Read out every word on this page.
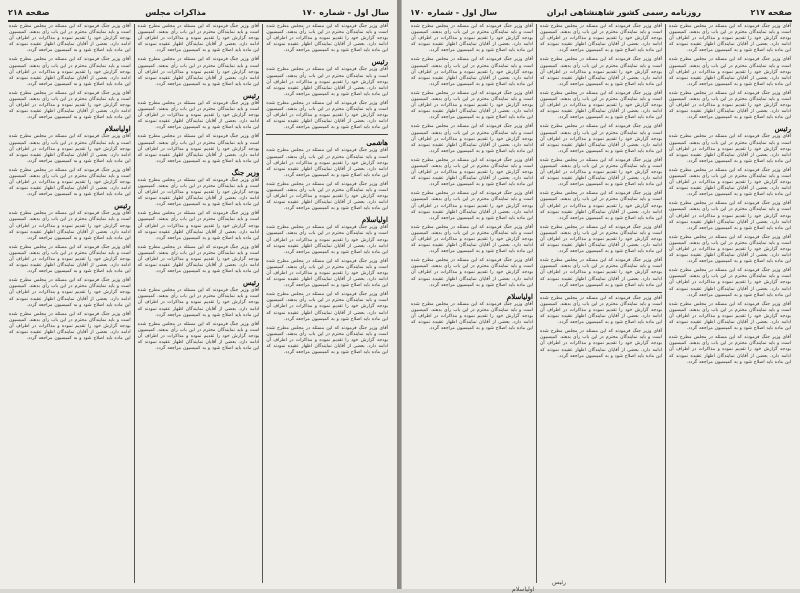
سال اول - شماره ۱۷۰
مذاکرات مجلس
صفحه ۲۱۸

آقای وزیر جنگ فرمودند که این مسئله در مجلس مطرح شده است و باید نمایندگان محترم در این باب رأی بدهند. کمیسیون بودجه گزارش خود را تقدیم نموده و مذاکرات در اطراف آن ادامه دارد. بعضی از آقایان نمایندگان اظهار عقیده نمودند که این ماده باید اصلاح شود و به کمیسیون مراجعه گردد.

رئیس

آقای وزیر جنگ فرمودند که این مسئله در مجلس مطرح شده است و باید نمایندگان محترم در این باب رأی بدهند. کمیسیون بودجه گزارش خود را تقدیم نموده و مذاکرات در اطراف آن ادامه دارد. بعضی از آقایان نمایندگان اظهار عقیده نمودند که این ماده باید اصلاح شود و به کمیسیون مراجعه گردد.

آقای وزیر جنگ فرمودند که این مسئله در مجلس مطرح شده است و باید نمایندگان محترم در این باب رأی بدهند. کمیسیون بودجه گزارش خود را تقدیم نموده و مذاکرات در اطراف آن ادامه دارد. بعضی از آقایان نمایندگان اظهار عقیده نمودند که این ماده باید اصلاح شود و به کمیسیون مراجعه گردد.

هاشمی

آقای وزیر جنگ فرمودند که این مسئله در مجلس مطرح شده است و باید نمایندگان محترم در این باب رأی بدهند. کمیسیون بودجه گزارش خود را تقدیم نموده و مذاکرات در اطراف آن ادامه دارد. بعضی از آقایان نمایندگان اظهار عقیده نمودند که این ماده باید اصلاح شود و به کمیسیون مراجعه گردد.

آقای وزیر جنگ فرمودند که این مسئله در مجلس مطرح شده است و باید نمایندگان محترم در این باب رأی بدهند. کمیسیون بودجه گزارش خود را تقدیم نموده و مذاکرات در اطراف آن ادامه دارد. بعضی از آقایان نمایندگان اظهار عقیده نمودند که این ماده باید اصلاح شود و به کمیسیون مراجعه گردد.

اولیاسلام

آقای وزیر جنگ فرمودند که این مسئله در مجلس مطرح شده است و باید نمایندگان محترم در این باب رأی بدهند. کمیسیون بودجه گزارش خود را تقدیم نموده و مذاکرات در اطراف آن ادامه دارد. بعضی از آقایان نمایندگان اظهار عقیده نمودند که این ماده باید اصلاح شود و به کمیسیون مراجعه گردد.

آقای وزیر جنگ فرمودند که این مسئله در مجلس مطرح شده است و باید نمایندگان محترم در این باب رأی بدهند. کمیسیون بودجه گزارش خود را تقدیم نموده و مذاکرات در اطراف آن ادامه دارد. بعضی از آقایان نمایندگان اظهار عقیده نمودند که این ماده باید اصلاح شود و به کمیسیون مراجعه گردد.

آقای وزیر جنگ فرمودند که این مسئله در مجلس مطرح شده است و باید نمایندگان محترم در این باب رأی بدهند. کمیسیون بودجه گزارش خود را تقدیم نموده و مذاکرات در اطراف آن ادامه دارد. بعضی از آقایان نمایندگان اظهار عقیده نمودند که این ماده باید اصلاح شود و به کمیسیون مراجعه گردد.

آقای وزیر جنگ فرمودند که این مسئله در مجلس مطرح شده است و باید نمایندگان محترم در این باب رأی بدهند. کمیسیون بودجه گزارش خود را تقدیم نموده و مذاکرات در اطراف آن ادامه دارد. بعضی از آقایان نمایندگان اظهار عقیده نمودند که این ماده باید اصلاح شود و به کمیسیون مراجعه گردد.

آقای وزیر جنگ فرمودند که این مسئله در مجلس مطرح شده است و باید نمایندگان محترم در این باب رأی بدهند. کمیسیون بودجه گزارش خود را تقدیم نموده و مذاکرات در اطراف آن ادامه دارد. بعضی از آقایان نمایندگان اظهار عقیده نمودند که این ماده باید اصلاح شود و به کمیسیون مراجعه گردد.

آقای وزیر جنگ فرمودند که این مسئله در مجلس مطرح شده است و باید نمایندگان محترم در این باب رأی بدهند. کمیسیون بودجه گزارش خود را تقدیم نموده و مذاکرات در اطراف آن ادامه دارد. بعضی از آقایان نمایندگان اظهار عقیده نمودند که این ماده باید اصلاح شود و به کمیسیون مراجعه گردد.

رئیس

آقای وزیر جنگ فرمودند که این مسئله در مجلس مطرح شده است و باید نمایندگان محترم در این باب رأی بدهند. کمیسیون بودجه گزارش خود را تقدیم نموده و مذاکرات در اطراف آن ادامه دارد. بعضی از آقایان نمایندگان اظهار عقیده نمودند که این ماده باید اصلاح شود و به کمیسیون مراجعه گردد.

آقای وزیر جنگ فرمودند که این مسئله در مجلس مطرح شده است و باید نمایندگان محترم در این باب رأی بدهند. کمیسیون بودجه گزارش خود را تقدیم نموده و مذاکرات در اطراف آن ادامه دارد. بعضی از آقایان نمایندگان اظهار عقیده نمودند که این ماده باید اصلاح شود و به کمیسیون مراجعه گردد.

وزیر جنگ

آقای وزیر جنگ فرمودند که این مسئله در مجلس مطرح شده است و باید نمایندگان محترم در این باب رأی بدهند. کمیسیون بودجه گزارش خود را تقدیم نموده و مذاکرات در اطراف آن ادامه دارد. بعضی از آقایان نمایندگان اظهار عقیده نمودند که این ماده باید اصلاح شود و به کمیسیون مراجعه گردد.

آقای وزیر جنگ فرمودند که این مسئله در مجلس مطرح شده است و باید نمایندگان محترم در این باب رأی بدهند. کمیسیون بودجه گزارش خود را تقدیم نموده و مذاکرات در اطراف آن ادامه دارد. بعضی از آقایان نمایندگان اظهار عقیده نمودند که این ماده باید اصلاح شود و به کمیسیون مراجعه گردد.

آقای وزیر جنگ فرمودند که این مسئله در مجلس مطرح شده است و باید نمایندگان محترم در این باب رأی بدهند. کمیسیون بودجه گزارش خود را تقدیم نموده و مذاکرات در اطراف آن ادامه دارد. بعضی از آقایان نمایندگان اظهار عقیده نمودند که این ماده باید اصلاح شود و به کمیسیون مراجعه گردد.

رئیس

آقای وزیر جنگ فرمودند که این مسئله در مجلس مطرح شده است و باید نمایندگان محترم در این باب رأی بدهند. کمیسیون بودجه گزارش خود را تقدیم نموده و مذاکرات در اطراف آن ادامه دارد. بعضی از آقایان نمایندگان اظهار عقیده نمودند که این ماده باید اصلاح شود و به کمیسیون مراجعه گردد.

آقای وزیر جنگ فرمودند که این مسئله در مجلس مطرح شده است و باید نمایندگان محترم در این باب رأی بدهند. کمیسیون بودجه گزارش خود را تقدیم نموده و مذاکرات در اطراف آن ادامه دارد. بعضی از آقایان نمایندگان اظهار عقیده نمودند که این ماده باید اصلاح شود و به کمیسیون مراجعه گردد.

آقای وزیر جنگ فرمودند که این مسئله در مجلس مطرح شده است و باید نمایندگان محترم در این باب رأی بدهند. کمیسیون بودجه گزارش خود را تقدیم نموده و مذاکرات در اطراف آن ادامه دارد. بعضی از آقایان نمایندگان اظهار عقیده نمودند که این ماده باید اصلاح شود و به کمیسیون مراجعه گردد.

آقای وزیر جنگ فرمودند که این مسئله در مجلس مطرح شده است و باید نمایندگان محترم در این باب رأی بدهند. کمیسیون بودجه گزارش خود را تقدیم نموده و مذاکرات در اطراف آن ادامه دارد. بعضی از آقایان نمایندگان اظهار عقیده نمودند که این ماده باید اصلاح شود و به کمیسیون مراجعه گردد.

آقای وزیر جنگ فرمودند که این مسئله در مجلس مطرح شده است و باید نمایندگان محترم در این باب رأی بدهند. کمیسیون بودجه گزارش خود را تقدیم نموده و مذاکرات در اطراف آن ادامه دارد. بعضی از آقایان نمایندگان اظهار عقیده نمودند که این ماده باید اصلاح شود و به کمیسیون مراجعه گردد.

اولیاسلام

آقای وزیر جنگ فرمودند که این مسئله در مجلس مطرح شده است و باید نمایندگان محترم در این باب رأی بدهند. کمیسیون بودجه گزارش خود را تقدیم نموده و مذاکرات در اطراف آن ادامه دارد. بعضی از آقایان نمایندگان اظهار عقیده نمودند که این ماده باید اصلاح شود و به کمیسیون مراجعه گردد.

آقای وزیر جنگ فرمودند که این مسئله در مجلس مطرح شده است و باید نمایندگان محترم در این باب رأی بدهند. کمیسیون بودجه گزارش خود را تقدیم نموده و مذاکرات در اطراف آن ادامه دارد. بعضی از آقایان نمایندگان اظهار عقیده نمودند که این ماده باید اصلاح شود و به کمیسیون مراجعه گردد.

رئیس

آقای وزیر جنگ فرمودند که این مسئله در مجلس مطرح شده است و باید نمایندگان محترم در این باب رأی بدهند. کمیسیون بودجه گزارش خود را تقدیم نموده و مذاکرات در اطراف آن ادامه دارد. بعضی از آقایان نمایندگان اظهار عقیده نمودند که این ماده باید اصلاح شود و به کمیسیون مراجعه گردد.

آقای وزیر جنگ فرمودند که این مسئله در مجلس مطرح شده است و باید نمایندگان محترم در این باب رأی بدهند. کمیسیون بودجه گزارش خود را تقدیم نموده و مذاکرات در اطراف آن ادامه دارد. بعضی از آقایان نمایندگان اظهار عقیده نمودند که این ماده باید اصلاح شود و به کمیسیون مراجعه گردد.

آقای وزیر جنگ فرمودند که این مسئله در مجلس مطرح شده است و باید نمایندگان محترم در این باب رأی بدهند. کمیسیون بودجه گزارش خود را تقدیم نموده و مذاکرات در اطراف آن ادامه دارد. بعضی از آقایان نمایندگان اظهار عقیده نمودند که این ماده باید اصلاح شود و به کمیسیون مراجعه گردد.

آقای وزیر جنگ فرمودند که این مسئله در مجلس مطرح شده است و باید نمایندگان محترم در این باب رأی بدهند. کمیسیون بودجه گزارش خود را تقدیم نموده و مذاکرات در اطراف آن ادامه دارد. بعضی از آقایان نمایندگان اظهار عقیده نمودند که این ماده باید اصلاح شود و به کمیسیون مراجعه گردد.

صفحه ۲۱۷
روزنامه رسمی کشور شاهنشاهی ایران
سال اول - شماره ۱۷۰

آقای وزیر جنگ فرمودند که این مسئله در مجلس مطرح شده است و باید نمایندگان محترم در این باب رأی بدهند. کمیسیون بودجه گزارش خود را تقدیم نموده و مذاکرات در اطراف آن ادامه دارد. بعضی از آقایان نمایندگان اظهار عقیده نمودند که این ماده باید اصلاح شود و به کمیسیون مراجعه گردد.

آقای وزیر جنگ فرمودند که این مسئله در مجلس مطرح شده است و باید نمایندگان محترم در این باب رأی بدهند. کمیسیون بودجه گزارش خود را تقدیم نموده و مذاکرات در اطراف آن ادامه دارد. بعضی از آقایان نمایندگان اظهار عقیده نمودند که این ماده باید اصلاح شود و به کمیسیون مراجعه گردد.

آقای وزیر جنگ فرمودند که این مسئله در مجلس مطرح شده است و باید نمایندگان محترم در این باب رأی بدهند. کمیسیون بودجه گزارش خود را تقدیم نموده و مذاکرات در اطراف آن ادامه دارد. بعضی از آقایان نمایندگان اظهار عقیده نمودند که این ماده باید اصلاح شود و به کمیسیون مراجعه گردد.

رئیس

آقای وزیر جنگ فرمودند که این مسئله در مجلس مطرح شده است و باید نمایندگان محترم در این باب رأی بدهند. کمیسیون بودجه گزارش خود را تقدیم نموده و مذاکرات در اطراف آن ادامه دارد. بعضی از آقایان نمایندگان اظهار عقیده نمودند که این ماده باید اصلاح شود و به کمیسیون مراجعه گردد.

آقای وزیر جنگ فرمودند که این مسئله در مجلس مطرح شده است و باید نمایندگان محترم در این باب رأی بدهند. کمیسیون بودجه گزارش خود را تقدیم نموده و مذاکرات در اطراف آن ادامه دارد. بعضی از آقایان نمایندگان اظهار عقیده نمودند که این ماده باید اصلاح شود و به کمیسیون مراجعه گردد.

آقای وزیر جنگ فرمودند که این مسئله در مجلس مطرح شده است و باید نمایندگان محترم در این باب رأی بدهند. کمیسیون بودجه گزارش خود را تقدیم نموده و مذاکرات در اطراف آن ادامه دارد. بعضی از آقایان نمایندگان اظهار عقیده نمودند که این ماده باید اصلاح شود و به کمیسیون مراجعه گردد.

آقای وزیر جنگ فرمودند که این مسئله در مجلس مطرح شده است و باید نمایندگان محترم در این باب رأی بدهند. کمیسیون بودجه گزارش خود را تقدیم نموده و مذاکرات در اطراف آن ادامه دارد. بعضی از آقایان نمایندگان اظهار عقیده نمودند که این ماده باید اصلاح شود و به کمیسیون مراجعه گردد.

آقای وزیر جنگ فرمودند که این مسئله در مجلس مطرح شده است و باید نمایندگان محترم در این باب رأی بدهند. کمیسیون بودجه گزارش خود را تقدیم نموده و مذاکرات در اطراف آن ادامه دارد. بعضی از آقایان نمایندگان اظهار عقیده نمودند که این ماده باید اصلاح شود و به کمیسیون مراجعه گردد.

آقای وزیر جنگ فرمودند که این مسئله در مجلس مطرح شده است و باید نمایندگان محترم در این باب رأی بدهند. کمیسیون بودجه گزارش خود را تقدیم نموده و مذاکرات در اطراف آن ادامه دارد. بعضی از آقایان نمایندگان اظهار عقیده نمودند که این ماده باید اصلاح شود و به کمیسیون مراجعه گردد.

آقای وزیر جنگ فرمودند که این مسئله در مجلس مطرح شده است و باید نمایندگان محترم در این باب رأی بدهند. کمیسیون بودجه گزارش خود را تقدیم نموده و مذاکرات در اطراف آن ادامه دارد. بعضی از آقایان نمایندگان اظهار عقیده نمودند که این ماده باید اصلاح شود و به کمیسیون مراجعه گردد.

آقای وزیر جنگ فرمودند که این مسئله در مجلس مطرح شده است و باید نمایندگان محترم در این باب رأی بدهند. کمیسیون بودجه گزارش خود را تقدیم نموده و مذاکرات در اطراف آن ادامه دارد. بعضی از آقایان نمایندگان اظهار عقیده نمودند که این ماده باید اصلاح شود و به کمیسیون مراجعه گردد.

آقای وزیر جنگ فرمودند که این مسئله در مجلس مطرح شده است و باید نمایندگان محترم در این باب رأی بدهند. کمیسیون بودجه گزارش خود را تقدیم نموده و مذاکرات در اطراف آن ادامه دارد. بعضی از آقایان نمایندگان اظهار عقیده نمودند که این ماده باید اصلاح شود و به کمیسیون مراجعه گردد.

آقای وزیر جنگ فرمودند که این مسئله در مجلس مطرح شده است و باید نمایندگان محترم در این باب رأی بدهند. کمیسیون بودجه گزارش خود را تقدیم نموده و مذاکرات در اطراف آن ادامه دارد. بعضی از آقایان نمایندگان اظهار عقیده نمودند که این ماده باید اصلاح شود و به کمیسیون مراجعه گردد.

آقای وزیر جنگ فرمودند که این مسئله در مجلس مطرح شده است و باید نمایندگان محترم در این باب رأی بدهند. کمیسیون بودجه گزارش خود را تقدیم نموده و مذاکرات در اطراف آن ادامه دارد. بعضی از آقایان نمایندگان اظهار عقیده نمودند که این ماده باید اصلاح شود و به کمیسیون مراجعه گردد.

آقای وزیر جنگ فرمودند که این مسئله در مجلس مطرح شده است و باید نمایندگان محترم در این باب رأی بدهند. کمیسیون بودجه گزارش خود را تقدیم نموده و مذاکرات در اطراف آن ادامه دارد. بعضی از آقایان نمایندگان اظهار عقیده نمودند که این ماده باید اصلاح شود و به کمیسیون مراجعه گردد.

آقای وزیر جنگ فرمودند که این مسئله در مجلس مطرح شده است و باید نمایندگان محترم در این باب رأی بدهند. کمیسیون بودجه گزارش خود را تقدیم نموده و مذاکرات در اطراف آن ادامه دارد. بعضی از آقایان نمایندگان اظهار عقیده نمودند که این ماده باید اصلاح شود و به کمیسیون مراجعه گردد.

آقای وزیر جنگ فرمودند که این مسئله در مجلس مطرح شده است و باید نمایندگان محترم در این باب رأی بدهند. کمیسیون بودجه گزارش خود را تقدیم نموده و مذاکرات در اطراف آن ادامه دارد. بعضی از آقایان نمایندگان اظهار عقیده نمودند که این ماده باید اصلاح شود و به کمیسیون مراجعه گردد.

آقای وزیر جنگ فرمودند که این مسئله در مجلس مطرح شده است و باید نمایندگان محترم در این باب رأی بدهند. کمیسیون بودجه گزارش خود را تقدیم نموده و مذاکرات در اطراف آن ادامه دارد. بعضی از آقایان نمایندگان اظهار عقیده نمودند که این ماده باید اصلاح شود و به کمیسیون مراجعه گردد.

آقای وزیر جنگ فرمودند که این مسئله در مجلس مطرح شده است و باید نمایندگان محترم در این باب رأی بدهند. کمیسیون بودجه گزارش خود را تقدیم نموده و مذاکرات در اطراف آن ادامه دارد. بعضی از آقایان نمایندگان اظهار عقیده نمودند که این ماده باید اصلاح شود و به کمیسیون مراجعه گردد.

آقای وزیر جنگ فرمودند که این مسئله در مجلس مطرح شده است و باید نمایندگان محترم در این باب رأی بدهند. کمیسیون بودجه گزارش خود را تقدیم نموده و مذاکرات در اطراف آن ادامه دارد. بعضی از آقایان نمایندگان اظهار عقیده نمودند که این ماده باید اصلاح شود و به کمیسیون مراجعه گردد.

آقای وزیر جنگ فرمودند که این مسئله در مجلس مطرح شده است و باید نمایندگان محترم در این باب رأی بدهند. کمیسیون بودجه گزارش خود را تقدیم نموده و مذاکرات در اطراف آن ادامه دارد. بعضی از آقایان نمایندگان اظهار عقیده نمودند که این ماده باید اصلاح شود و به کمیسیون مراجعه گردد.

آقای وزیر جنگ فرمودند که این مسئله در مجلس مطرح شده است و باید نمایندگان محترم در این باب رأی بدهند. کمیسیون بودجه گزارش خود را تقدیم نموده و مذاکرات در اطراف آن ادامه دارد. بعضی از آقایان نمایندگان اظهار عقیده نمودند که این ماده باید اصلاح شود و به کمیسیون مراجعه گردد.

آقای وزیر جنگ فرمودند که این مسئله در مجلس مطرح شده است و باید نمایندگان محترم در این باب رأی بدهند. کمیسیون بودجه گزارش خود را تقدیم نموده و مذاکرات در اطراف آن ادامه دارد. بعضی از آقایان نمایندگان اظهار عقیده نمودند که این ماده باید اصلاح شود و به کمیسیون مراجعه گردد.

آقای وزیر جنگ فرمودند که این مسئله در مجلس مطرح شده است و باید نمایندگان محترم در این باب رأی بدهند. کمیسیون بودجه گزارش خود را تقدیم نموده و مذاکرات در اطراف آن ادامه دارد. بعضی از آقایان نمایندگان اظهار عقیده نمودند که این ماده باید اصلاح شود و به کمیسیون مراجعه گردد.

آقای وزیر جنگ فرمودند که این مسئله در مجلس مطرح شده است و باید نمایندگان محترم در این باب رأی بدهند. کمیسیون بودجه گزارش خود را تقدیم نموده و مذاکرات در اطراف آن ادامه دارد. بعضی از آقایان نمایندگان اظهار عقیده نمودند که این ماده باید اصلاح شود و به کمیسیون مراجعه گردد.

آقای وزیر جنگ فرمودند که این مسئله در مجلس مطرح شده است و باید نمایندگان محترم در این باب رأی بدهند. کمیسیون بودجه گزارش خود را تقدیم نموده و مذاکرات در اطراف آن ادامه دارد. بعضی از آقایان نمایندگان اظهار عقیده نمودند که این ماده باید اصلاح شود و به کمیسیون مراجعه گردد.

آقای وزیر جنگ فرمودند که این مسئله در مجلس مطرح شده است و باید نمایندگان محترم در این باب رأی بدهند. کمیسیون بودجه گزارش خود را تقدیم نموده و مذاکرات در اطراف آن ادامه دارد. بعضی از آقایان نمایندگان اظهار عقیده نمودند که این ماده باید اصلاح شود و به کمیسیون مراجعه گردد.

آقای وزیر جنگ فرمودند که این مسئله در مجلس مطرح شده است و باید نمایندگان محترم در این باب رأی بدهند. کمیسیون بودجه گزارش خود را تقدیم نموده و مذاکرات در اطراف آن ادامه دارد. بعضی از آقایان نمایندگان اظهار عقیده نمودند که این ماده باید اصلاح شود و به کمیسیون مراجعه گردد.

اولیاسلام

آقای وزیر جنگ فرمودند که این مسئله در مجلس مطرح شده است و باید نمایندگان محترم در این باب رأی بدهند. کمیسیون بودجه گزارش خود را تقدیم نموده و مذاکرات در اطراف آن ادامه دارد. بعضی از آقایان نمایندگان اظهار عقیده نمودند که این ماده باید اصلاح شود و به کمیسیون مراجعه گردد.

رئیس
اولیاسلام
